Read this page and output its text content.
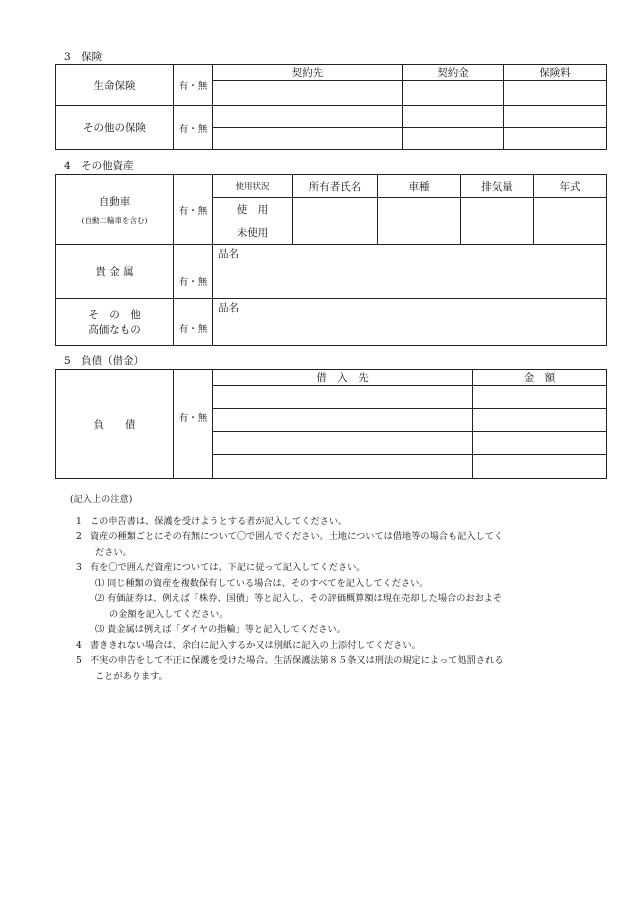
3　保険
生命保険	有・無	契約先	契約金	保険料

その他の保険	有・無			

4　その他資産
自動車
(自動二輪車を含む)	有・無	使用状況	所有者氏名	車種	排気量	年式
		使　用				
		未使用				
貴 金 属	有・無	品名				

そ　の　他
高価なもの	有・無	品名				
5　負債（借金）
負　　債	有・無	借　入　先	金　額

(記入上の注意)
1 この申告書は、保護を受けようとする者が記入してください。
2 資産の種類ごとにその有無について〇で囲んでください。土地については借地等の場合も記入してく
ださい。
3 有を〇で囲んだ資産については、下記に従って記入してください。
⑴ 同じ種類の資産を複数保有している場合は、そのすべてを記入してください。
⑵ 有価証券は、例えば「株券、国債」等と記入し、その評価概算額は現在売却した場合のおおよそ
の金額を記入してください。
⑶ 貴金属は例えば「ダイヤの指輪」等と記入してください。
4 書ききれない場合は、余白に記入するか又は別紙に記入の上添付してください。
5 不実の申告をして不正に保護を受けた場合、生活保護法第８５条又は刑法の規定によって処罰される
ことがあります。
